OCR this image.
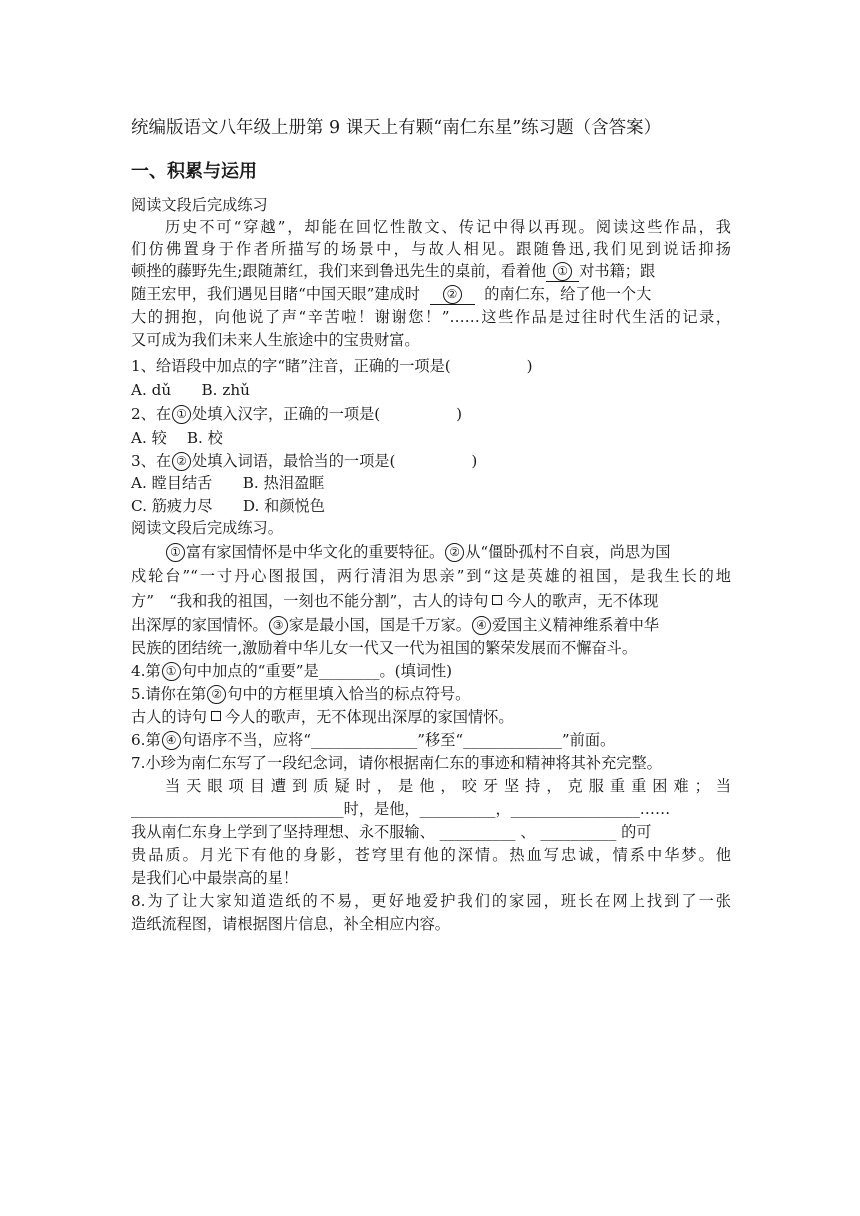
统编版语文八年级上册第 9 课天上有颗“南仁东星”练习题（含答案）
一、积累与运用
阅读文段后完成练习
历史不可“穿越”，却能在回忆性散文、传记中得以再现。阅读这些作品，我
们仿佛置身于作者所描写的场景中，与故人相见。跟随鲁迅,我们见到说话抑扬
顿挫的藤野先生;跟随萧红，我们来到鲁迅先生的桌前，看着他 ① 对书籍；跟
随王宏甲，我们遇见目睹“中国天眼”建成时 ② 的南仁东，给了他一个大
大的拥抱，向他说了声“辛苦啦！谢谢您！”……这些作品是过往时代生活的记录，
又可成为我们未来人生旅途中的宝贵财富。
1、给语段中加点的字“睹”注音，正确的一项是(　　　　　)
A. dǔ　　B. zhǔ
2、在 ① 处填入汉字，正确的一项是(　　　　　)
A. 较　 B. 校
3、在 ② 处填入词语，最恰当的一项是(　　　　　)
A. 瞠目结舌　　B. 热泪盈眶
C. 筋疲力尽　　D. 和颜悦色
阅读文段后完成练习。
① 富有家国情怀是中华文化的重要特征。 ② 从“僵卧孤村不自哀，尚思为国
戍轮台”“一寸丹心图报国，两行清泪为思亲”到“这是英雄的祖国，是我生长的地
方”　“我和我的祖国，一刻也不能分割”，古人的诗句 今人的歌声，无不体现
出深厚的家国情怀。 ③ 家是最小国，国是千万家。 ④ 爱国主义精神维系着中华
民族的团结统一,激励着中华儿女一代又一代为祖国的繁荣发展而不懈奋斗。
4.第 ① 句中加点的“重要”是________。(填词性)
5.请你在第 ② 句中的方框里填入恰当的标点符号。
古人的诗句 今人的歌声，无不体现出深厚的家国情怀。
6.第 ④ 句语序不当，应将“______________”移至“_____________”前面。
7.小珍为南仁东写了一段纪念词，请你根据南仁东的事迹和精神将其补充完整。
当天眼项目遭到质疑时，是他，咬牙坚持，克服重重困难；当
____________________________时，是他，__________，_________________……
我从南仁东身上学到了坚持理想、永不服输、 __________ 、 __________ 的可
贵品质。月光下有他的身影，苍穹里有他的深情。热血写忠诚，情系中华梦。他
是我们心中最崇高的星！
8.为了让大家知道造纸的不易，更好地爱护我们的家园，班长在网上找到了一张
造纸流程图，请根据图片信息，补全相应内容。
